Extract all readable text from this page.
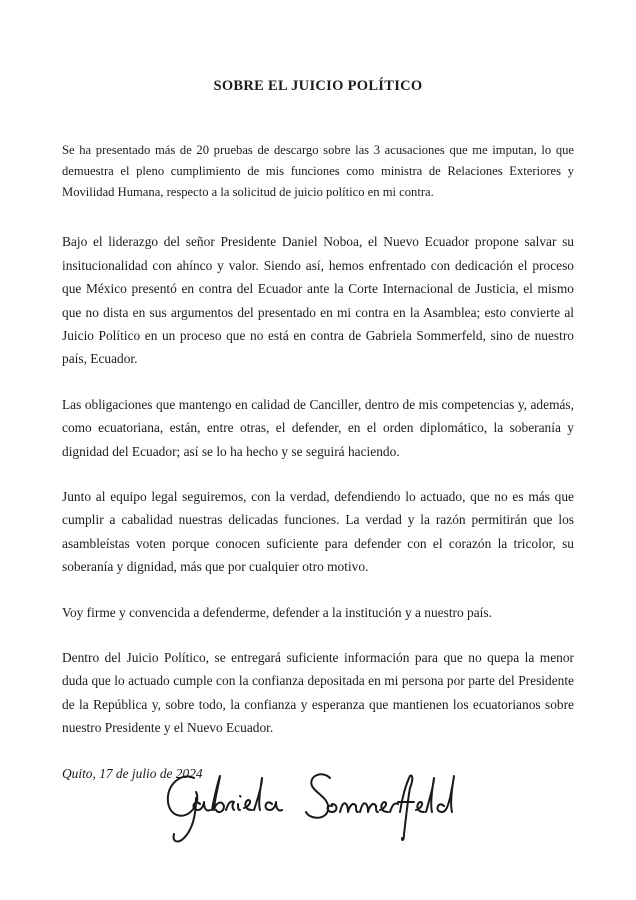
SOBRE EL JUICIO POLÍTICO

Se ha presentado más de 20 pruebas de descargo sobre las 3 acusaciones que me imputan, lo que demuestra el pleno cumplimiento de mis funciones como ministra de Relaciones Exteriores y Movilidad Humana, respecto a la solicitud de juicio político en mi contra.

Bajo el liderazgo del señor Presidente Daniel Noboa, el Nuevo Ecuador propone salvar su insitucionalidad con ahínco y valor. Siendo así, hemos enfrentado con dedicación el proceso que México presentó en contra del Ecuador ante la Corte Internacional de Justicia, el mismo que no dista en sus argumentos del presentado en mi contra en la Asamblea; esto convierte al Juicio Político en un proceso que no está en contra de Gabriela Sommerfeld, sino de nuestro país, Ecuador.

Las obligaciones que mantengo en calidad de Canciller, dentro de mis competencias y, además, como ecuatoriana, están, entre otras, el defender, en el orden diplomático, la soberanía y dignidad del Ecuador; así se lo ha hecho y se seguirá haciendo.

Junto al equipo legal seguiremos, con la verdad, defendiendo lo actuado, que no es más que cumplir a cabalidad nuestras delicadas funciones. La verdad y la razón permitirán que los asambleístas voten porque conocen suficiente para defender con el corazón la tricolor, su soberanía y dignidad, más que por cualquier otro motivo.

Voy firme y convencida a defenderme, defender a la institución y a nuestro país.

Dentro del Juicio Político, se entregará suficiente información para que no quepa la menor duda que lo actuado cumple con la confianza depositada en mi persona por parte del Presidente de la República y, sobre todo, la confianza y esperanza que mantienen los ecuatorianos sobre nuestro Presidente y el Nuevo Ecuador.

Quito, 17 de julio de 2024
